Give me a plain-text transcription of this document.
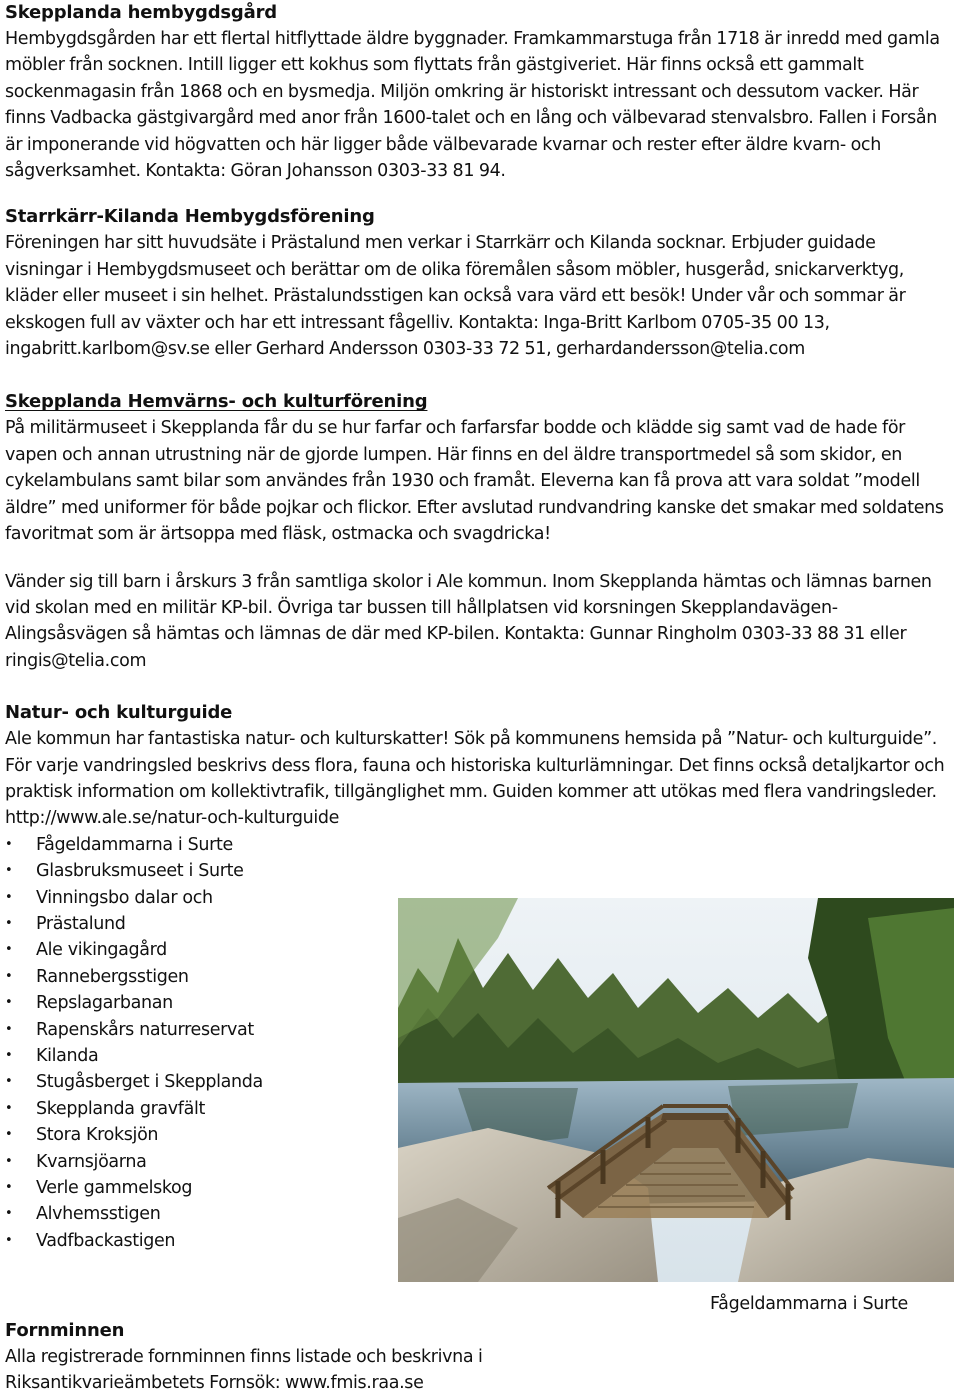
Skepplanda hembygdsgård

Hembygdsgården har ett flertal hitflyttade äldre byggnader. Framkammarstuga från 1718 är inredd med gamla möbler från socknen. Intill ligger ett kokhus som flyttats från gästgiveriet. Här finns också ett gammalt sockenmagasin från 1868 och en bysmedja. Miljön omkring är historiskt intressant och dessutom vacker. Här finns Vadbacka gästgivargård med anor från 1600-talet och en lång och välbevarad stenvalsbro. Fallen i Forsån är imponerande vid högvatten och här ligger både välbevarade kvarnar och rester efter äldre kvarn- och sågverksamhet. Kontakta: Göran Johansson 0303-33 81 94.

Starrkärr-Kilanda Hembygdsförening

Föreningen har sitt huvudsäte i Prästalund men verkar i Starrkärr och Kilanda socknar. Erbjuder guidade visningar i Hembygdsmuseet och berättar om de olika föremålen såsom möbler, husgeråd, snickarverktyg, kläder eller museet i sin helhet. Prästalundsstigen kan också vara värd ett besök! Under vår och sommar är ekskogen full av växter och har ett intressant fågelliv. Kontakta: Inga-Britt Karlbom 0705-35 00 13, ingabritt.karlbom@sv.se eller Gerhard Andersson 0303-33 72 51, gerhardandersson@telia.com

Skepplanda Hemvärns- och kulturförening

På militärmuseet i Skepplanda får du se hur farfar och farfarsfar bodde och klädde sig samt vad de hade för vapen och annan utrustning när de gjorde lumpen. Här finns en del äldre transportmedel så som skidor, en cykelambulans samt bilar som användes från 1930 och framåt. Eleverna kan få prova att vara soldat ”modell äldre” med uniformer för både pojkar och flickor. Efter avslutad rundvandring kanske det smakar med soldatens favoritmat som är ärtsoppa med fläsk, ostmacka och svagdricka!

Vänder sig till barn i årskurs 3 från samtliga skolor i Ale kommun. Inom Skepplanda hämtas och lämnas barnen vid skolan med en militär KP-bil. Övriga tar bussen till hållplatsen vid korsningen Skepplandavägen- Alingsåsvägen så hämtas och lämnas de där med KP-bilen. Kontakta: Gunnar Ringholm 0303-33 88 31 eller ringis@telia.com

Natur- och kulturguide

Ale kommun har fantastiska natur- och kulturskatter! Sök på kommunens hemsida på ”Natur- och kulturguide”. För varje vandringsled beskrivs dess flora, fauna och historiska kulturlämningar. Det finns också detaljkartor och praktisk information om kollektivtrafik, tillgänglighet mm. Guiden kommer att utökas med flera vandringsleder. http://www.ale.se/natur-och-kulturguide

• Fågeldammarna i Surte
• Glasbruksmuseet i Surte
• Vinningsbo dalar och
• Prästalund
• Ale vikingagård
• Rannebergsstigen
• Repslagarbanan
• Rapenskårs naturreservat
• Kilanda
• Stugåsberget i Skepplanda
• Skepplanda gravfält
• Stora Kroksjön
• Kvarnsjöarna
• Verle gammelskog
• Alvhemsstigen
• Vadfbackastigen
Fågeldammarna i Surte
Fornminnen

Alla registrerade fornminnen finns listade och beskrivna i Riksantikvarieämbetets Fornsök: www.fmis.raa.se
